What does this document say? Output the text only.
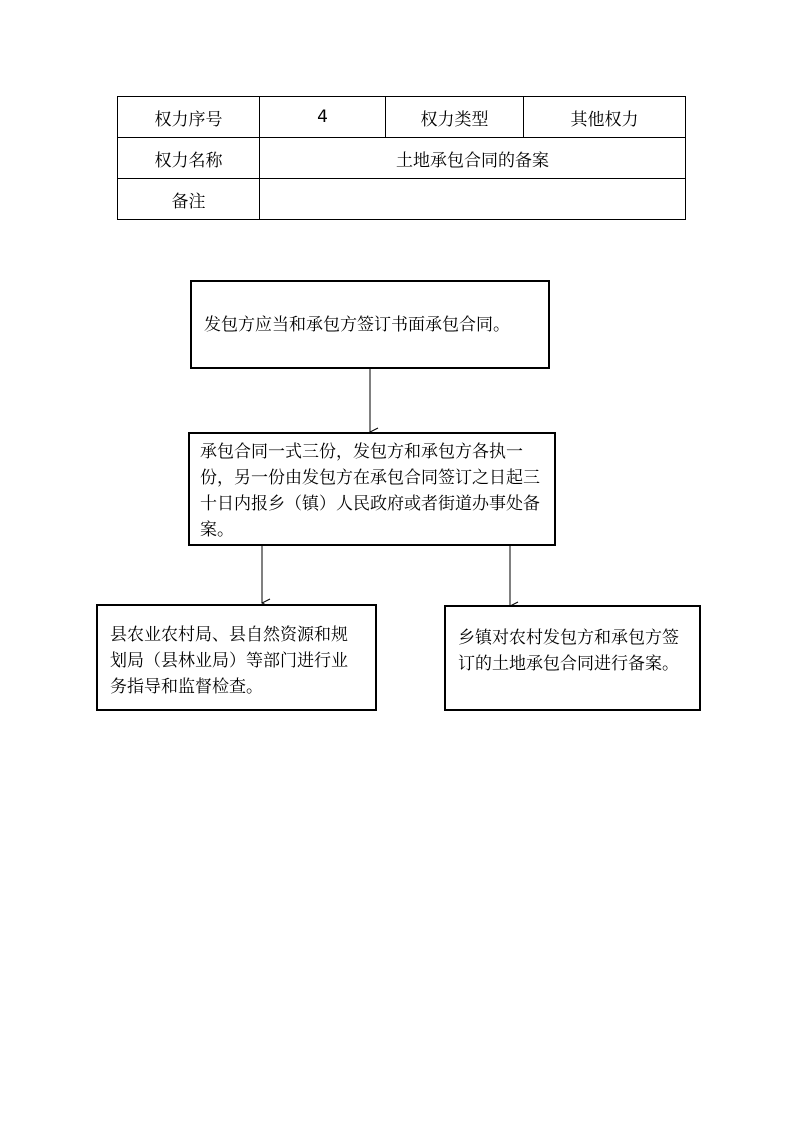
权力序号	4	权力类型	其他权力
权力名称	土地承包合同的备案		
备注			
发包方应当和承包方签订书面承包合同。
承包合同一式三份，发包方和承包方各执一份，另一份由发包方在承包合同签订之日起三十日内报乡（镇）人民政府或者街道办事处备案。
县农业农村局、县自然资源和规划局（县林业局）等部门进行业务指导和监督检查。
乡镇对农村发包方和承包方签订的土地承包合同进行备案。
